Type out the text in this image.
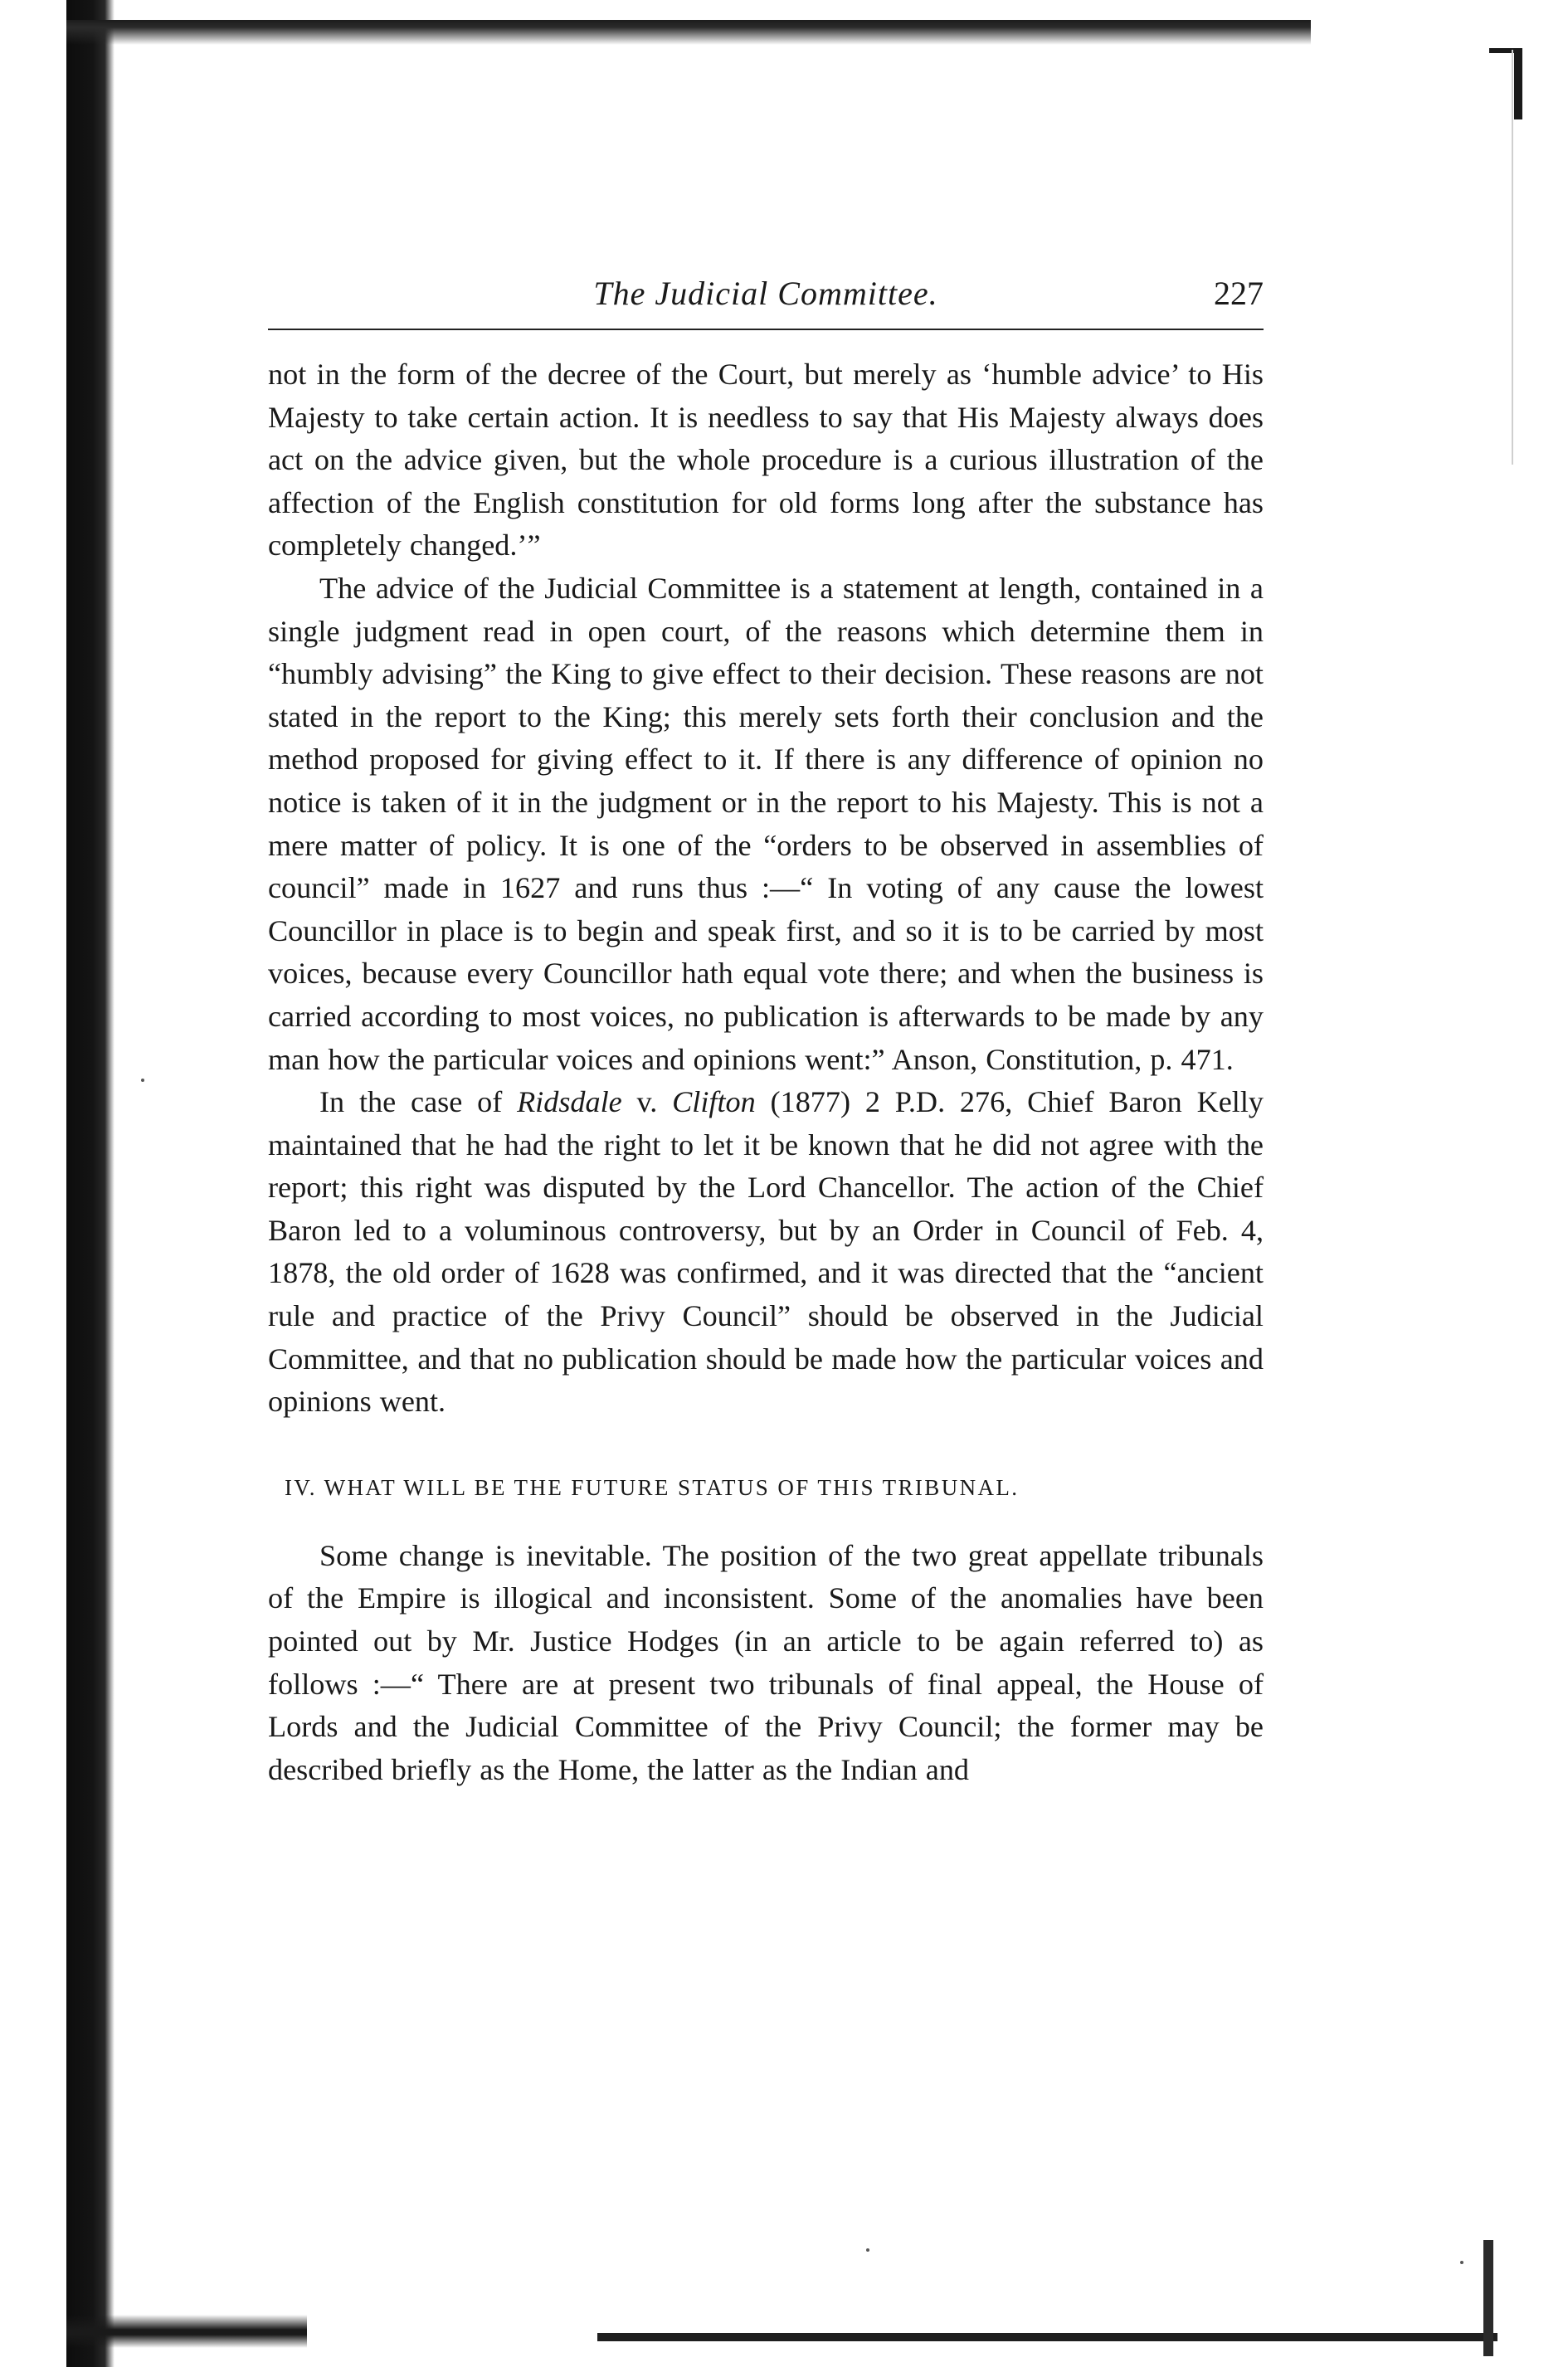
The Judicial Committee.	227

not in the form of the decree of the Court, but merely as ‘humble advice’ to His Majesty to take certain action. It is needless to say that His Majesty always does act on the advice given, but the whole procedure is a curious illustration of the affection of the English constitution for old forms long after the substance has completely changed.’”

The advice of the Judicial Committee is a statement at length, contained in a single judgment read in open court, of the reasons which determine them in “humbly advising” the King to give effect to their decision. These reasons are not stated in the report to the King; this merely sets forth their conclusion and the method proposed for giving effect to it. If there is any difference of opinion no notice is taken of it in the judgment or in the report to his Majesty. This is not a mere matter of policy. It is one of the “orders to be observed in assemblies of council” made in 1627 and runs thus :—“ In voting of any cause the lowest Councillor in place is to begin and speak first, and so it is to be carried by most voices, because every Councillor hath equal vote there; and when the business is carried according to most voices, no publication is afterwards to be made by any man how the particular voices and opinions went:” Anson, Constitution, p. 471.

In the case of Ridsdale v. Clifton (1877) 2 P.D. 276, Chief Baron Kelly maintained that he had the right to let it be known that he did not agree with the report; this right was disputed by the Lord Chancellor. The action of the Chief Baron led to a voluminous controversy, but by an Order in Council of Feb. 4, 1878, the old order of 1628 was confirmed, and it was directed that the “ancient rule and practice of the Privy Council” should be observed in the Judicial Committee, and that no publication should be made how the particular voices and opinions went.

IV. WHAT WILL BE THE FUTURE STATUS OF THIS TRIBUNAL.

Some change is inevitable. The position of the two great appellate tribunals of the Empire is illogical and inconsistent. Some of the anomalies have been pointed out by Mr. Justice Hodges (in an article to be again referred to) as follows :—“ There are at present two tribunals of final appeal, the House of Lords and the Judicial Committee of the Privy Council; the former may be described briefly as the Home, the latter as the Indian and
